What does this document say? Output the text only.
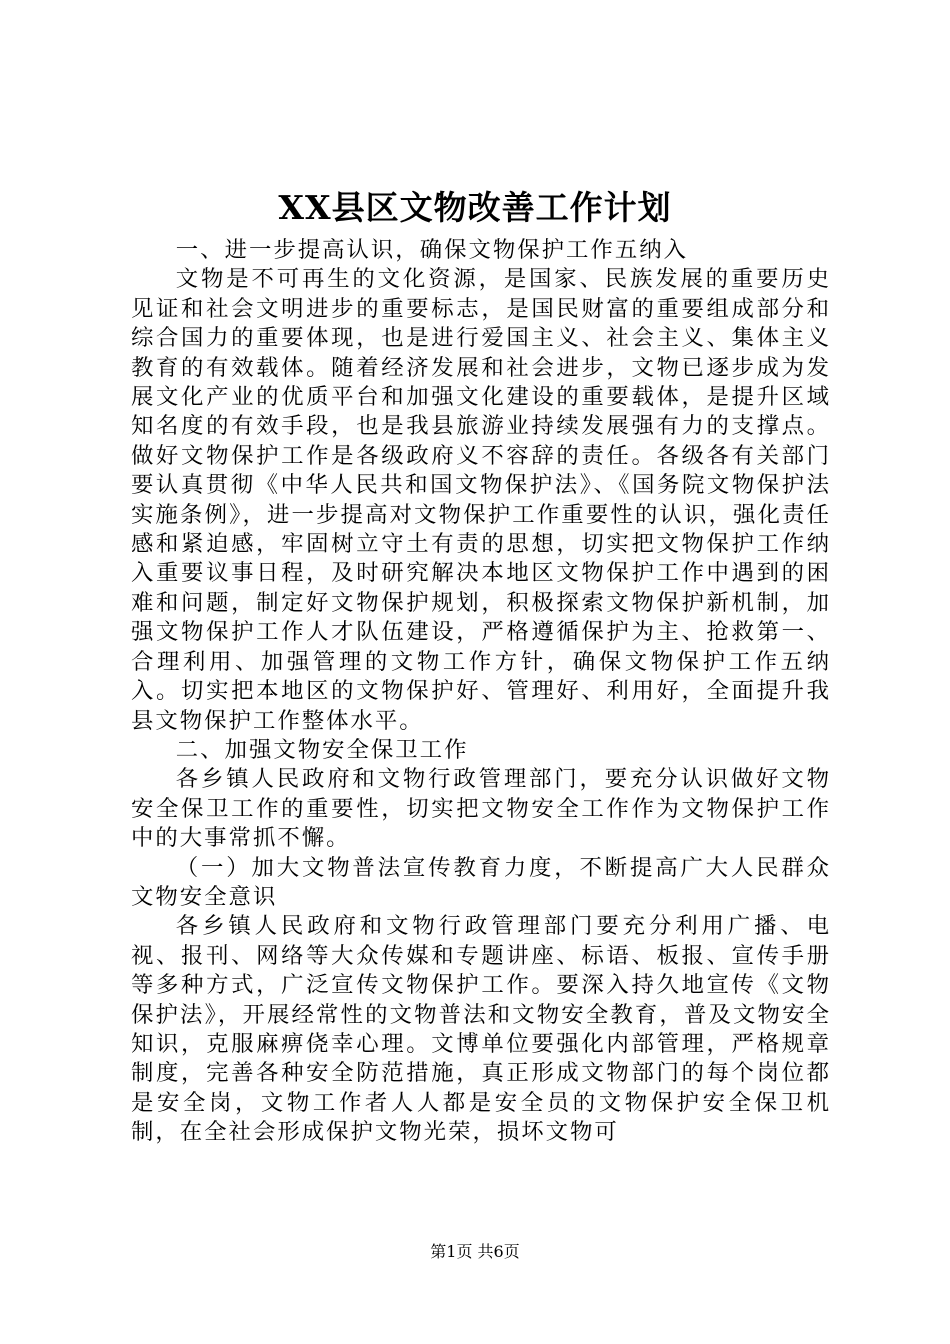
XX县区文物改善工作计划

一、进一步提高认识，确保文物保护工作五纳入

文物是不可再生的文化资源，是国家、民族发展的重要历史见证和社会文明进步的重要标志，是国民财富的重要组成部分和综合国力的重要体现，也是进行爱国主义、社会主义、集体主义教育的有效载体。随着经济发展和社会进步，文物已逐步成为发展文化产业的优质平台和加强文化建设的重要载体，是提升区域知名度的有效手段，也是我县旅游业持续发展强有力的支撑点。做好文物保护工作是各级政府义不容辞的责任。各级各有关部门要认真贯彻《中华人民共和国文物保护法》、《国务院文物保护法实施条例》，进一步提高对文物保护工作重要性的认识，强化责任感和紧迫感，牢固树立守土有责的思想，切实把文物保护工作纳入重要议事日程，及时研究解决本地区文物保护工作中遇到的困难和问题，制定好文物保护规划，积极探索文物保护新机制，加强文物保护工作人才队伍建设，严格遵循保护为主、抢救第一、合理利用、加强管理的文物工作方针，确保文物保护工作五纳入。切实把本地区的文物保护好、管理好、利用好，全面提升我县文物保护工作整体水平。

二、加强文物安全保卫工作

各乡镇人民政府和文物行政管理部门，要充分认识做好文物安全保卫工作的重要性，切实把文物安全工作作为文物保护工作中的大事常抓不懈。

（一）加大文物普法宣传教育力度，不断提高广大人民群众文物安全意识

各乡镇人民政府和文物行政管理部门要充分利用广播、电视、报刊、网络等大众传媒和专题讲座、标语、板报、宣传手册等多种方式，广泛宣传文物保护工作。要深入持久地宣传《文物保护法》，开展经常性的文物普法和文物安全教育，普及文物安全知识，克服麻痹侥幸心理。文博单位要强化内部管理，严格规章制度，完善各种安全防范措施，真正形成文物部门的每个岗位都是安全岗，文物工作者人人都是安全员的文物保护安全保卫机制，在全社会形成保护文物光荣，损坏文物可

第1页 共6页
